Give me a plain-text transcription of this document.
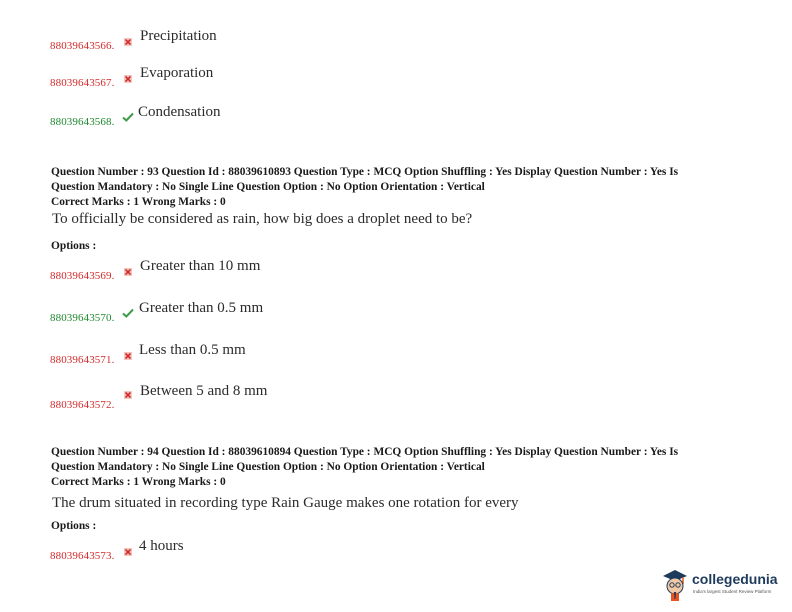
88039643566.
Precipitation
88039643567.
Evaporation
88039643568.
Condensation
Question Number : 93 Question Id : 88039610893 Question Type : MCQ Option Shuffling : Yes Display Question Number : Yes Is
Question Mandatory : No Single Line Question Option : No Option Orientation : Vertical
Correct Marks : 1 Wrong Marks : 0
To officially be considered as rain, how big does a droplet need to be?
Options :
88039643569.
Greater than 10 mm
88039643570.
Greater than 0.5 mm
88039643571.
Less than 0.5 mm
88039643572.
Between 5 and 8 mm
Question Number : 94 Question Id : 88039610894 Question Type : MCQ Option Shuffling : Yes Display Question Number : Yes Is
Question Mandatory : No Single Line Question Option : No Option Orientation : Vertical
Correct Marks : 1 Wrong Marks : 0
The drum situated in recording type Rain Gauge makes one rotation for every
Options :
88039643573.
4 hours
collegedunia
India's largest Student Review Platform
